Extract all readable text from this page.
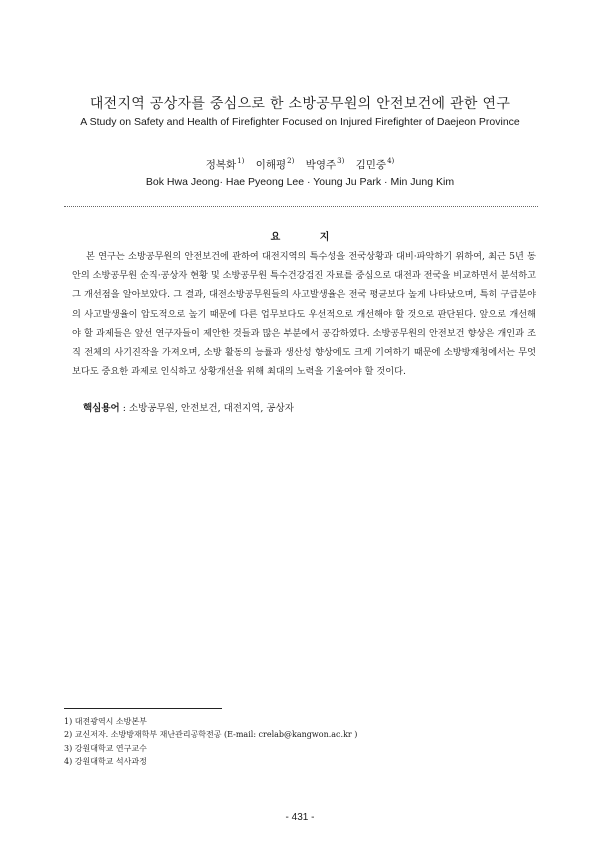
대전지역 공상자를 중심으로 한 소방공무원의 안전보건에 관한 연구
A Study on Safety and Health of Firefighter Focused on Injured Firefighter of Daejeon Province
정복화$^{1)}$ 이해평$^{2)}$ 박영주$^{3)}$ 김민중$^{4)}$
Bok Hwa Jeong· Hae Pyeong Lee · Young Ju Park · Min Jung Kim
요 지

본 연구는 소방공무원의 안전보건에 관하여 대전지역의 특수성을 전국상황과 대비·파악하기 위하여, 최근 5년 동안의 소방공무원 순직·공상자 현황 및 소방공무원 특수건강검진 자료를 중심으로 대전과 전국을 비교하면서 분석하고 그 개선점을 알아보았다. 그 결과, 대전소방공무원들의 사고발생율은 전국 평균보다 높게 나타났으며, 특히 구급분야의 사고발생율이 압도적으로 높기 때문에 다른 업무보다도 우선적으로 개선해야 할 것으로 판단된다. 앞으로 개선해야 할 과제들은 앞선 연구자들이 제안한 것들과 많은 부분에서 공감하였다. 소방공무원의 안전보건 향상은 개인과 조직 전체의 사기진작을 가져오며, 소방 활동의 능률과 생산성 향상에도 크게 기여하기 때문에 소방방재청에서는 무엇보다도 중요한 과제로 인식하고 상황개선을 위해 최대의 노력을 기울여야 할 것이다.

핵심용어 : 소방공무원, 안전보건, 대전지역, 공상자
1) 대전광역시 소방본부
2) 교신저자. 소방방재학부 재난관리공학전공 (E-mail: crelab@kangwon.ac.kr )
3) 강원대학교 연구교수
4) 강원대학교 석사과정
- 431 -
